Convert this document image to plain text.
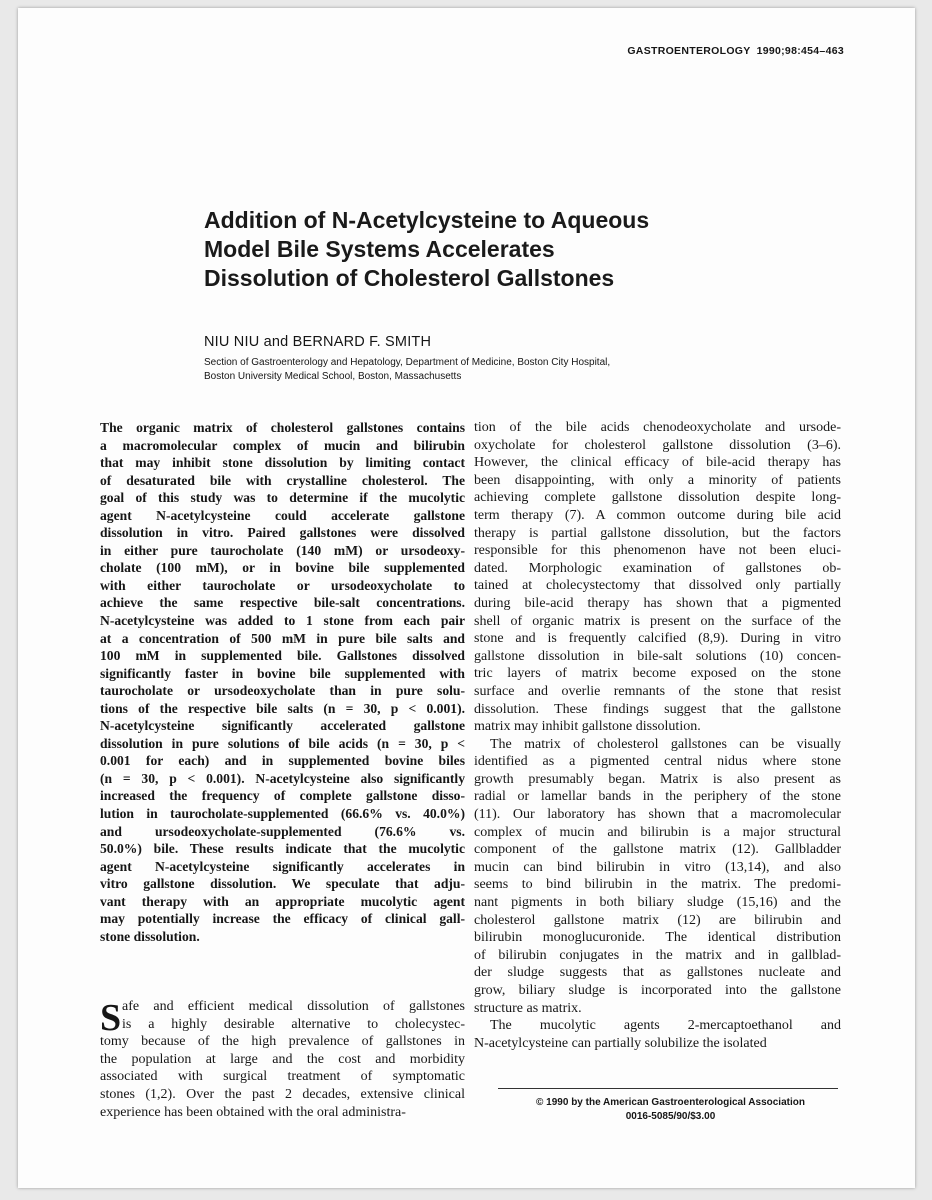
GASTROENTEROLOGY 1990;98:454–463
Addition of N-Acetylcysteine to Aqueous
Model Bile Systems Accelerates
Dissolution of Cholesterol Gallstones
NIU NIU and BERNARD F. SMITH
Section of Gastroenterology and Hepatology, Department of Medicine, Boston City Hospital,
Boston University Medical School, Boston, Massachusetts
The organic matrix of cholesterol gallstones contains
a macromolecular complex of mucin and bilirubin
that may inhibit stone dissolution by limiting contact
of desaturated bile with crystalline cholesterol. The
goal of this study was to determine if the mucolytic
agent N-acetylcysteine could accelerate gallstone
dissolution in vitro. Paired gallstones were dissolved
in either pure taurocholate (140 mM) or ursodeoxy-
cholate (100 mM), or in bovine bile supplemented
with either taurocholate or ursodeoxycholate to
achieve the same respective bile-salt concentrations.
N-acetylcysteine was added to 1 stone from each pair
at a concentration of 500 mM in pure bile salts and
100 mM in supplemented bile. Gallstones dissolved
significantly faster in bovine bile supplemented with
taurocholate or ursodeoxycholate than in pure solu-
tions of the respective bile salts (n = 30, p < 0.001).
N-acetylcysteine significantly accelerated gallstone
dissolution in pure solutions of bile acids (n = 30, p <
0.001 for each) and in supplemented bovine biles
(n = 30, p < 0.001). N-acetylcysteine also significantly
increased the frequency of complete gallstone disso-
lution in taurocholate-supplemented (66.6% vs. 40.0%)
and ursodeoxycholate-supplemented (76.6% vs.
50.0%) bile. These results indicate that the mucolytic
agent N-acetylcysteine significantly accelerates in
vitro gallstone dissolution. We speculate that adju-
vant therapy with an appropriate mucolytic agent
may potentially increase the efficacy of clinical gall-
stone dissolution.
S afe and efficient medical dissolution of gallstones
is a highly desirable alternative to cholecystec-
tomy because of the high prevalence of gallstones in
the population at large and the cost and morbidity
associated with surgical treatment of symptomatic
stones (1,2). Over the past 2 decades, extensive clinical
experience has been obtained with the oral administra-
tion of the bile acids chenodeoxycholate and ursode-
oxycholate for cholesterol gallstone dissolution (3–6).
However, the clinical efficacy of bile-acid therapy has
been disappointing, with only a minority of patients
achieving complete gallstone dissolution despite long-
term therapy (7). A common outcome during bile acid
therapy is partial gallstone dissolution, but the factors
responsible for this phenomenon have not been eluci-
dated. Morphologic examination of gallstones ob-
tained at cholecystectomy that dissolved only partially
during bile-acid therapy has shown that a pigmented
shell of organic matrix is present on the surface of the
stone and is frequently calcified (8,9). During in vitro
gallstone dissolution in bile-salt solutions (10) concen-
tric layers of matrix become exposed on the stone
surface and overlie remnants of the stone that resist
dissolution. These findings suggest that the gallstone
matrix may inhibit gallstone dissolution.
The matrix of cholesterol gallstones can be visually
identified as a pigmented central nidus where stone
growth presumably began. Matrix is also present as
radial or lamellar bands in the periphery of the stone
(11). Our laboratory has shown that a macromolecular
complex of mucin and bilirubin is a major structural
component of the gallstone matrix (12). Gallbladder
mucin can bind bilirubin in vitro (13,14), and also
seems to bind bilirubin in the matrix. The predomi-
nant pigments in both biliary sludge (15,16) and the
cholesterol gallstone matrix (12) are bilirubin and
bilirubin monoglucuronide. The identical distribution
of bilirubin conjugates in the matrix and in gallblad-
der sludge suggests that as gallstones nucleate and
grow, biliary sludge is incorporated into the gallstone
structure as matrix.
The mucolytic agents 2-mercaptoethanol and
N-acetylcysteine can partially solubilize the isolated
© 1990 by the American Gastroenterological Association
0016-5085/90/$3.00
